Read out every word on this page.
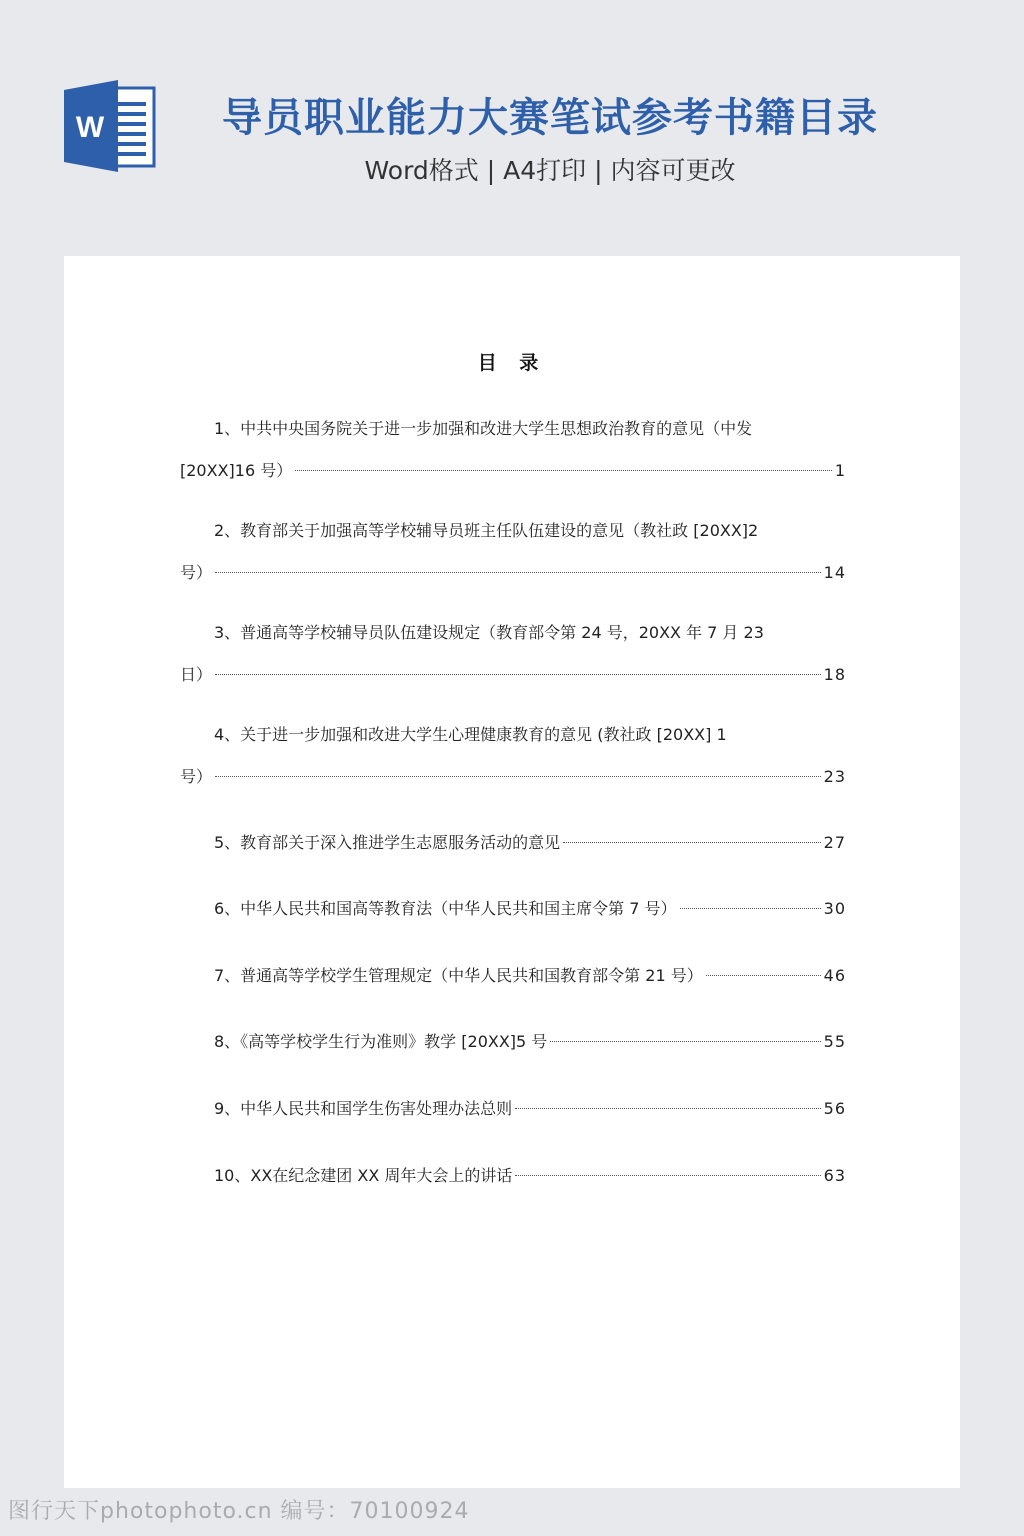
W	导员职业能力大赛笔试参考书籍目录
Word格式 | A4打印 | 内容可更改
目 录
1、中共中央国务院关于进一步加强和改进大学生思想政治教育的意见（中发
[20XX]16 号）	1
2、教育部关于加强高等学校辅导员班主任队伍建设的意见（教社政 [20XX]2
号）	14
3、普通高等学校辅导员队伍建设规定（教育部令第 24 号，20XX 年 7 月 23
日）	18
4、关于进一步加强和改进大学生心理健康教育的意见 (教社政 [20XX] 1
号）	23
5、教育部关于深入推进学生志愿服务活动的意见	27
6、中华人民共和国高等教育法（中华人民共和国主席令第 7 号）	30
7、普通高等学校学生管理规定（中华人民共和国教育部令第 21 号）	46
8、《高等学校学生行为准则》教学 [20XX]5 号	55
9、中华人民共和国学生伤害处理办法总则	56
10、XX在纪念建团 XX 周年大会上的讲话	63
图行天下photophoto.cn 编号：70100924
